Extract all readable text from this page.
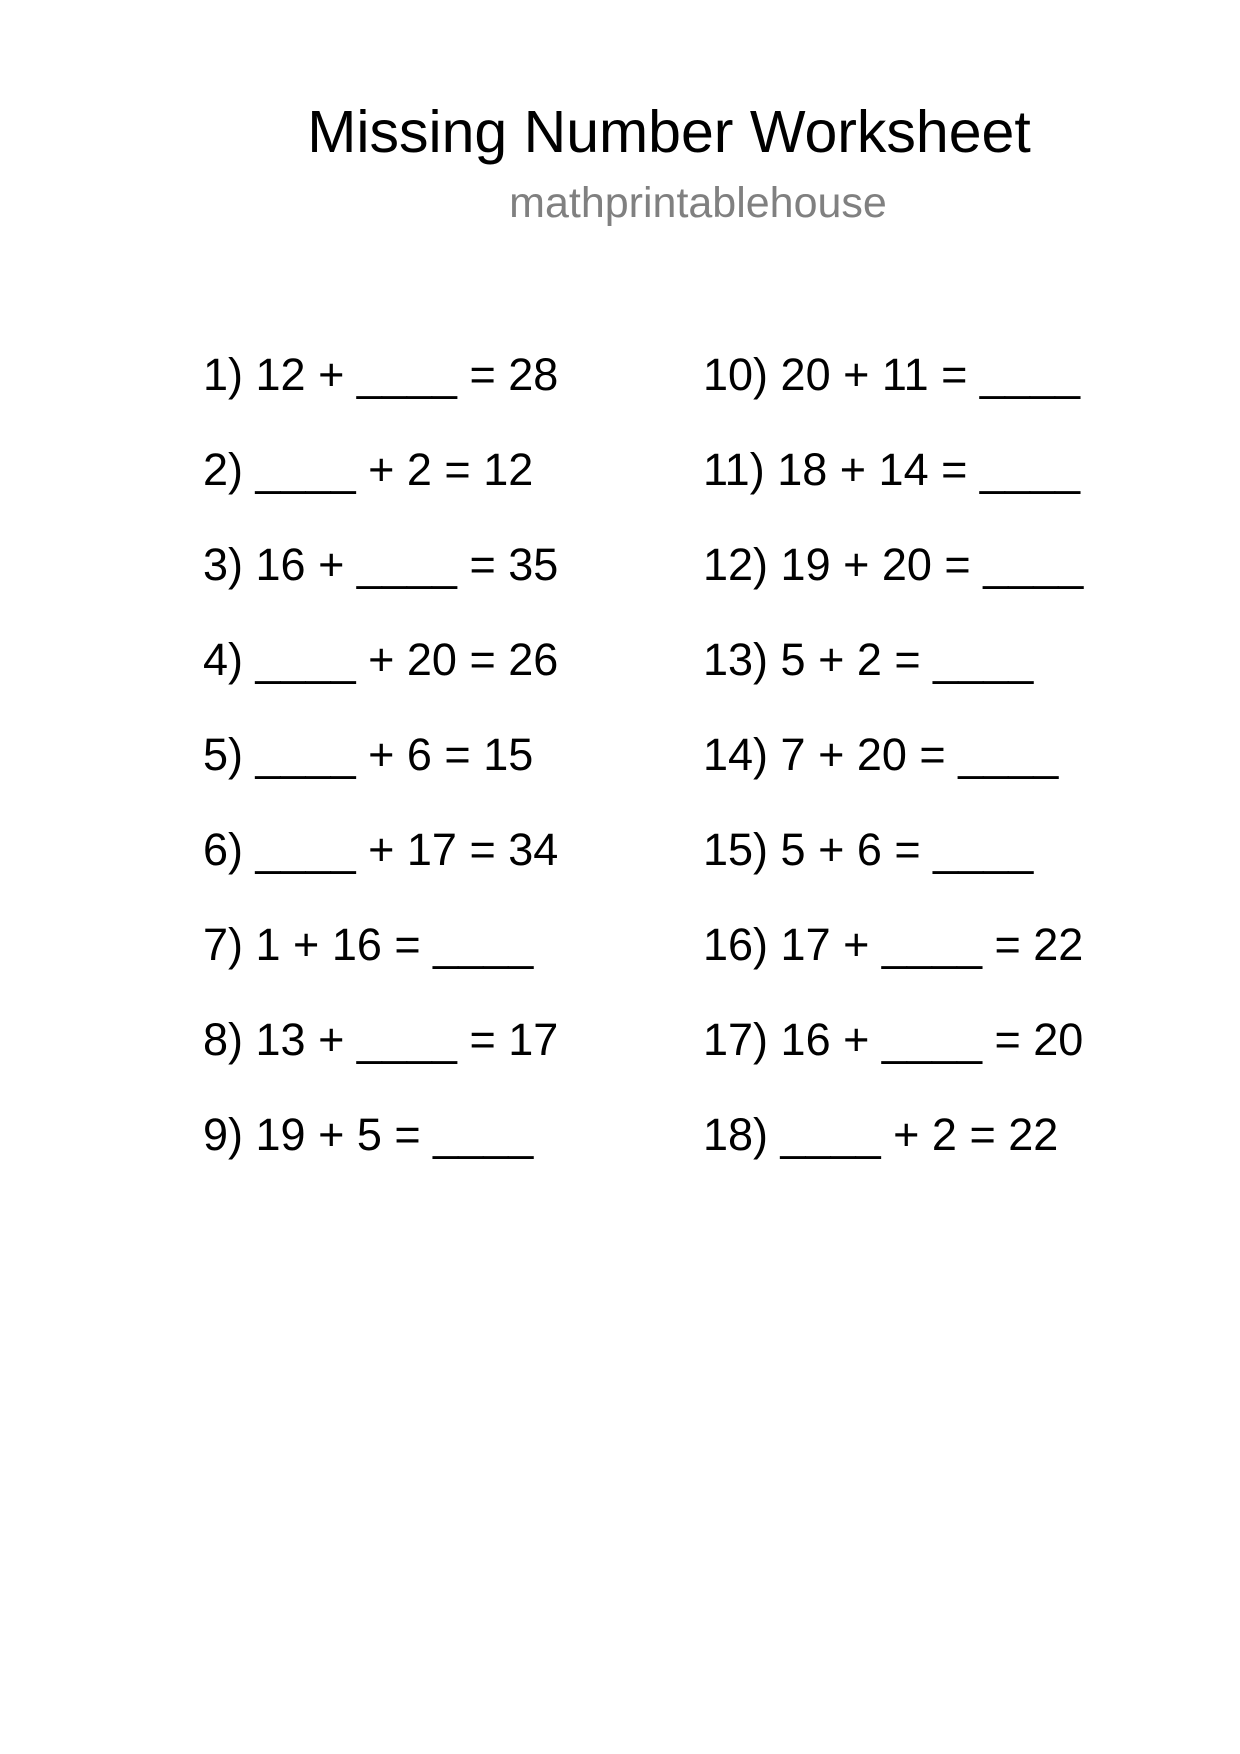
Missing Number Worksheet
mathprintablehouse
1) 12 + ____ = 28
2) ____ + 2 = 12
3) 16 + ____ = 35
4) ____ + 20 = 26
5) ____ + 6 = 15
6) ____ + 17 = 34
7) 1 + 16 = ____
8) 13 + ____ = 17
9) 19 + 5 = ____
10) 20 + 11 = ____
11) 18 + 14 = ____
12) 19 + 20 = ____
13) 5 + 2 = ____
14) 7 + 20 = ____
15) 5 + 6 = ____
16) 17 + ____ = 22
17) 16 + ____ = 20
18) ____ + 2 = 22
